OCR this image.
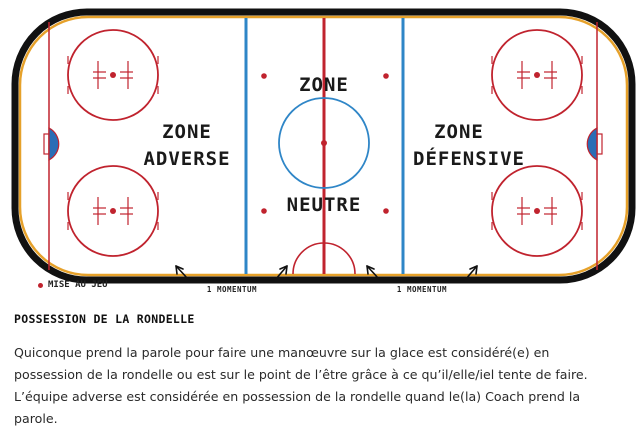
ZONE
ADVERSE
ZONE
NEUTRE
ZONE
DÉFENSIVE
1 MOMENTUM	1 MOMENTUM
MISE AU JEU
POSSESSION DE LA RONDELLE

Quiconque prend la parole pour faire une manœuvre sur la glace est considéré(e) en possession de la rondelle ou est sur le point de l’être grâce à ce qu’il/elle/iel tente de faire. L’équipe adverse est considérée en possession de la rondelle quand le(la) Coach prend la parole.
